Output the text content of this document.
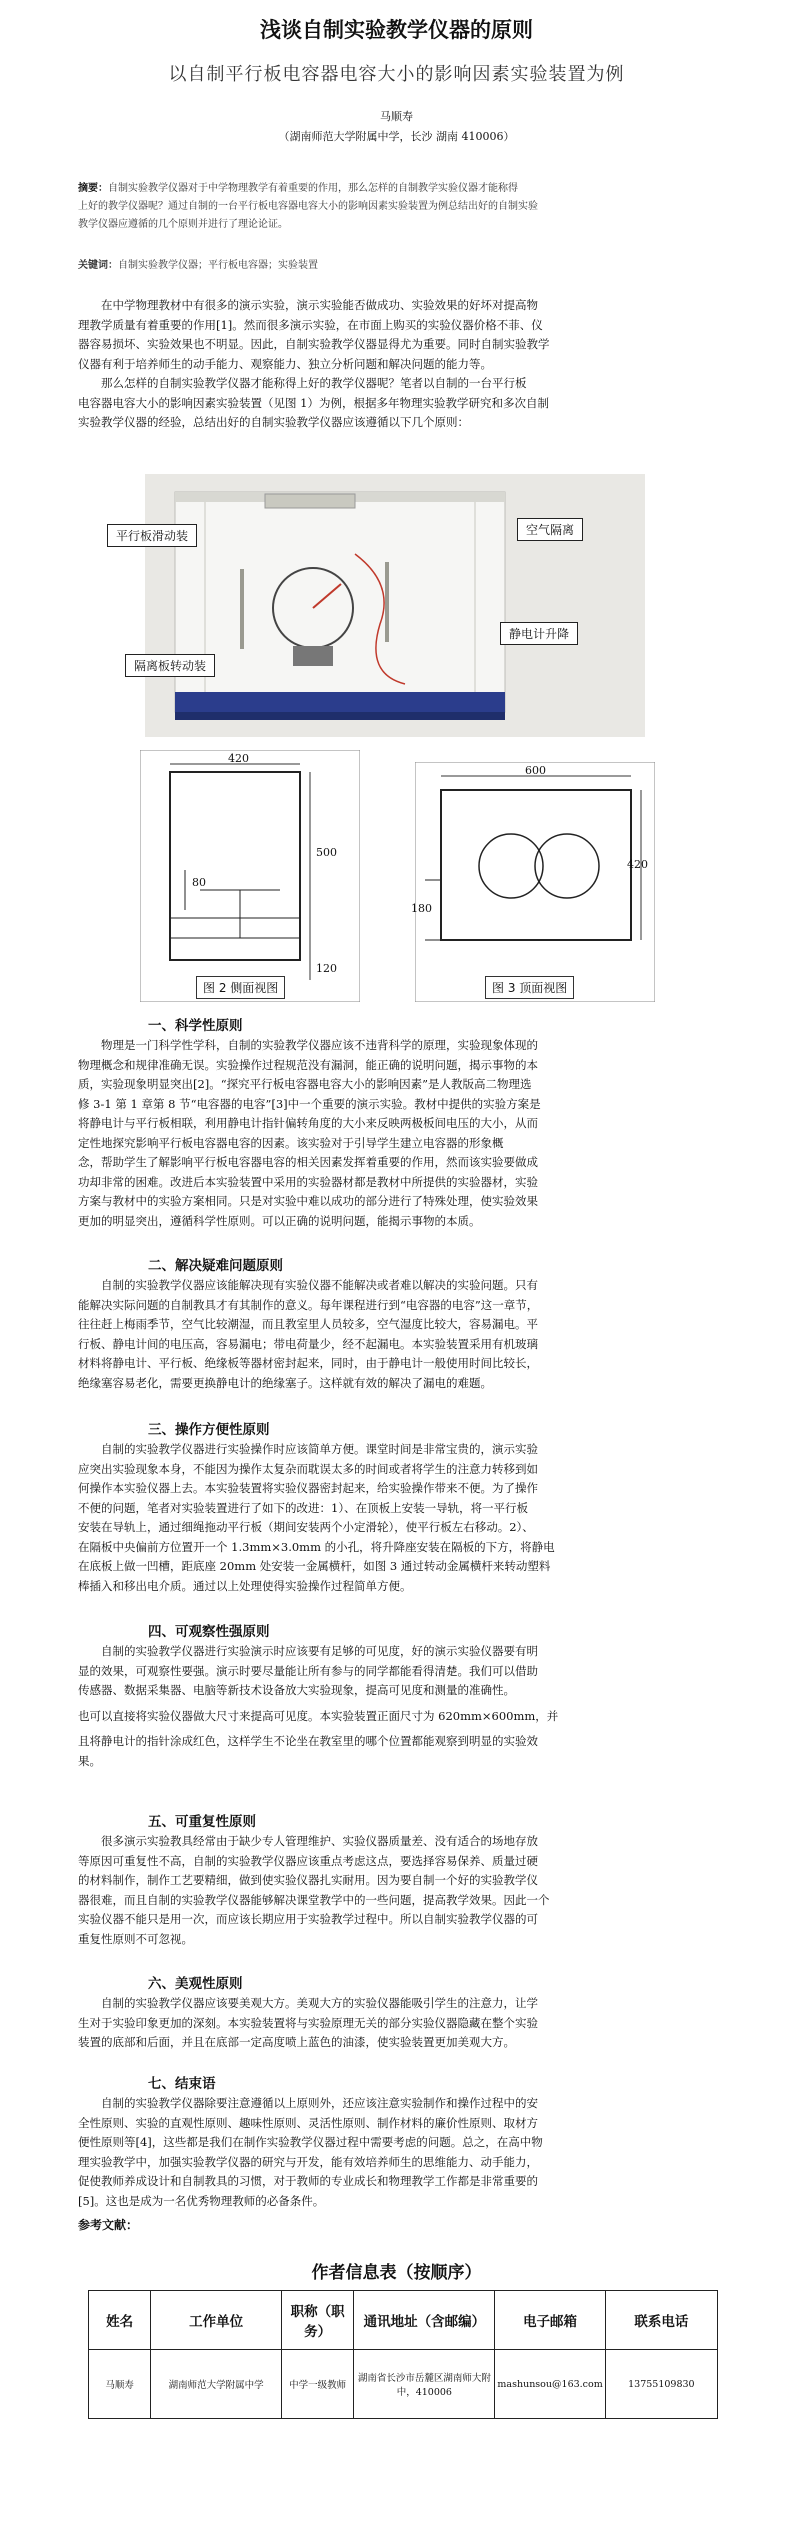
浅谈自制实验教学仪器的原则
以自制平行板电容器电容大小的影响因素实验装置为例
马顺寿
（湖南师范大学附属中学，长沙 湖南 410006）
摘要：自制实验教学仪器对于中学物理教学有着重要的作用，那么怎样的自制教学实验仪器才能称得
上好的教学仪器呢？通过自制的一台平行板电容器电容大小的影响因素实验装置为例总结出好的自制实验
教学仪器应遵循的几个原则并进行了理论论证。
关键词：自制实验教学仪器；平行板电容器；实验装置
在中学物理教材中有很多的演示实验，演示实验能否做成功、实验效果的好坏对提高物
理教学质量有着重要的作用[1]。然而很多演示实验，在市面上购买的实验仪器价格不菲、仪
器容易损坏、实验效果也不明显。因此，自制实验教学仪器显得尤为重要。同时自制实验教学
仪器有利于培养师生的动手能力、观察能力、独立分析问题和解决问题的能力等。
那么怎样的自制实验教学仪器才能称得上好的教学仪器呢？笔者以自制的一台平行板
电容器电容大小的影响因素实验装置（见图 1）为例，根据多年物理实验教学研究和多次自制
实验教学仪器的经验，总结出好的自制实验教学仪器应该遵循以下几个原则：
平行板滑动装	空气隔离
静电计升降
隔离板转动装
420
500
80
120
图 2 侧面视图
600
420
180
图 3 顶面视图
一、科学性原则
物理是一门科学性学科，自制的实验教学仪器应该不违背科学的原理，实验现象体现的
物理概念和规律准确无误。实验操作过程规范没有漏洞，能正确的说明问题，揭示事物的本
质，实验现象明显突出[2]。“探究平行板电容器电容大小的影响因素”是人教版高二物理选
修 3-1 第 1 章第 8 节“电容器的电容”[3]中一个重要的演示实验。教材中提供的实验方案是
将静电计与平行板相联，利用静电计指针偏转角度的大小来反映两极板间电压的大小，从而
定性地探究影响平行板电容器电容的因素。该实验对于引导学生建立电容器的形象概
念，帮助学生了解影响平行板电容器电容的相关因素发挥着重要的作用，然而该实验要做成
功却非常的困难。改进后本实验装置中采用的实验器材都是教材中所提供的实验器材，实验
方案与教材中的实验方案相同。只是对实验中难以成功的部分进行了特殊处理，使实验效果
更加的明显突出，遵循科学性原则。可以正确的说明问题，能揭示事物的本质。
二、解决疑难问题原则
自制的实验教学仪器应该能解决现有实验仪器不能解决或者难以解决的实验问题。只有
能解决实际问题的自制教具才有其制作的意义。每年课程进行到“电容器的电容”这一章节，
往往赶上梅雨季节，空气比较潮湿，而且教室里人员较多，空气湿度比较大，容易漏电。平
行板、静电计间的电压高，容易漏电；带电荷量少，经不起漏电。本实验装置采用有机玻璃
材料将静电计、平行板、绝缘板等器材密封起来，同时，由于静电计一般使用时间比较长，
绝缘塞容易老化，需要更换静电计的绝缘塞子。这样就有效的解决了漏电的难题。
三、操作方便性原则
自制的实验教学仪器进行实验操作时应该简单方便。课堂时间是非常宝贵的，演示实验
应突出实验现象本身，不能因为操作太复杂而耽误太多的时间或者将学生的注意力转移到如
何操作本实验仪器上去。本实验装置将实验仪器密封起来，给实验操作带来不便。为了操作
不便的问题，笔者对实验装置进行了如下的改进：1）、在顶板上安装一导轨，将一平行板
安装在导轨上，通过细绳拖动平行板（期间安装两个小定滑轮），使平行板左右移动。2）、
在隔板中央偏前方位置开一个 1.3mm×3.0mm 的小孔，将升降座安装在隔板的下方，将静电
在底板上做一凹槽，距底座 20mm 处安装一金属横杆，如图 3 通过转动金属横杆来转动塑料
棒插入和移出电介质。通过以上处理使得实验操作过程简单方便。
四、可观察性强原则
自制的实验教学仪器进行实验演示时应该要有足够的可见度，好的演示实验仪器要有明
显的效果，可观察性要强。演示时要尽量能让所有参与的同学都能看得清楚。我们可以借助
传感器、数据采集器、电脑等新技术设备放大实验现象，提高可见度和测量的准确性。
也可以直接将实验仪器做大尺寸来提高可见度。本实验装置正面尺寸为 620mm×600mm，并
且将静电计的指针涂成红色，这样学生不论坐在教室里的哪个位置都能观察到明显的实验效
果。
五、可重复性原则
很多演示实验教具经常由于缺少专人管理维护、实验仪器质量差、没有适合的场地存放
等原因可重复性不高，自制的实验教学仪器应该重点考虑这点，要选择容易保养、质量过硬
的材料制作，制作工艺要精细，做到使实验仪器扎实耐用。因为要自制一个好的实验教学仪
器很难，而且自制的实验教学仪器能够解决课堂教学中的一些问题，提高教学效果。因此一个
实验仪器不能只是用一次，而应该长期应用于实验教学过程中。所以自制实验教学仪器的可
重复性原则不可忽视。
六、美观性原则
自制的实验教学仪器应该要美观大方。美观大方的实验仪器能吸引学生的注意力，让学
生对于实验印象更加的深刻。本实验装置将与实验原理无关的部分实验仪器隐藏在整个实验
装置的底部和后面，并且在底部一定高度喷上蓝色的油漆，使实验装置更加美观大方。
七、结束语
自制的实验教学仪器除要注意遵循以上原则外，还应该注意实验制作和操作过程中的安
全性原则、实验的直观性原则、趣味性原则、灵活性原则、制作材料的廉价性原则、取材方
便性原则等[4]，这些都是我们在制作实验教学仪器过程中需要考虑的问题。总之，在高中物
理实验教学中，加强实验教学仪器的研究与开发，能有效培养师生的思维能力、动手能力，
促使教师养成设计和自制教具的习惯，对于教师的专业成长和物理教学工作都是非常重要的
[5]。这也是成为一名优秀物理教师的必备条件。
参考文献：
作者信息表（按顺序）
姓名	工作单位	职称（职务）	通讯地址（含邮编）	电子邮箱	联系电话
马顺寿	湖南师范大学附属中学	中学一级教师	湖南省长沙市岳麓区湖南师大附中，410006	mashunsou@163.com	13755109830
